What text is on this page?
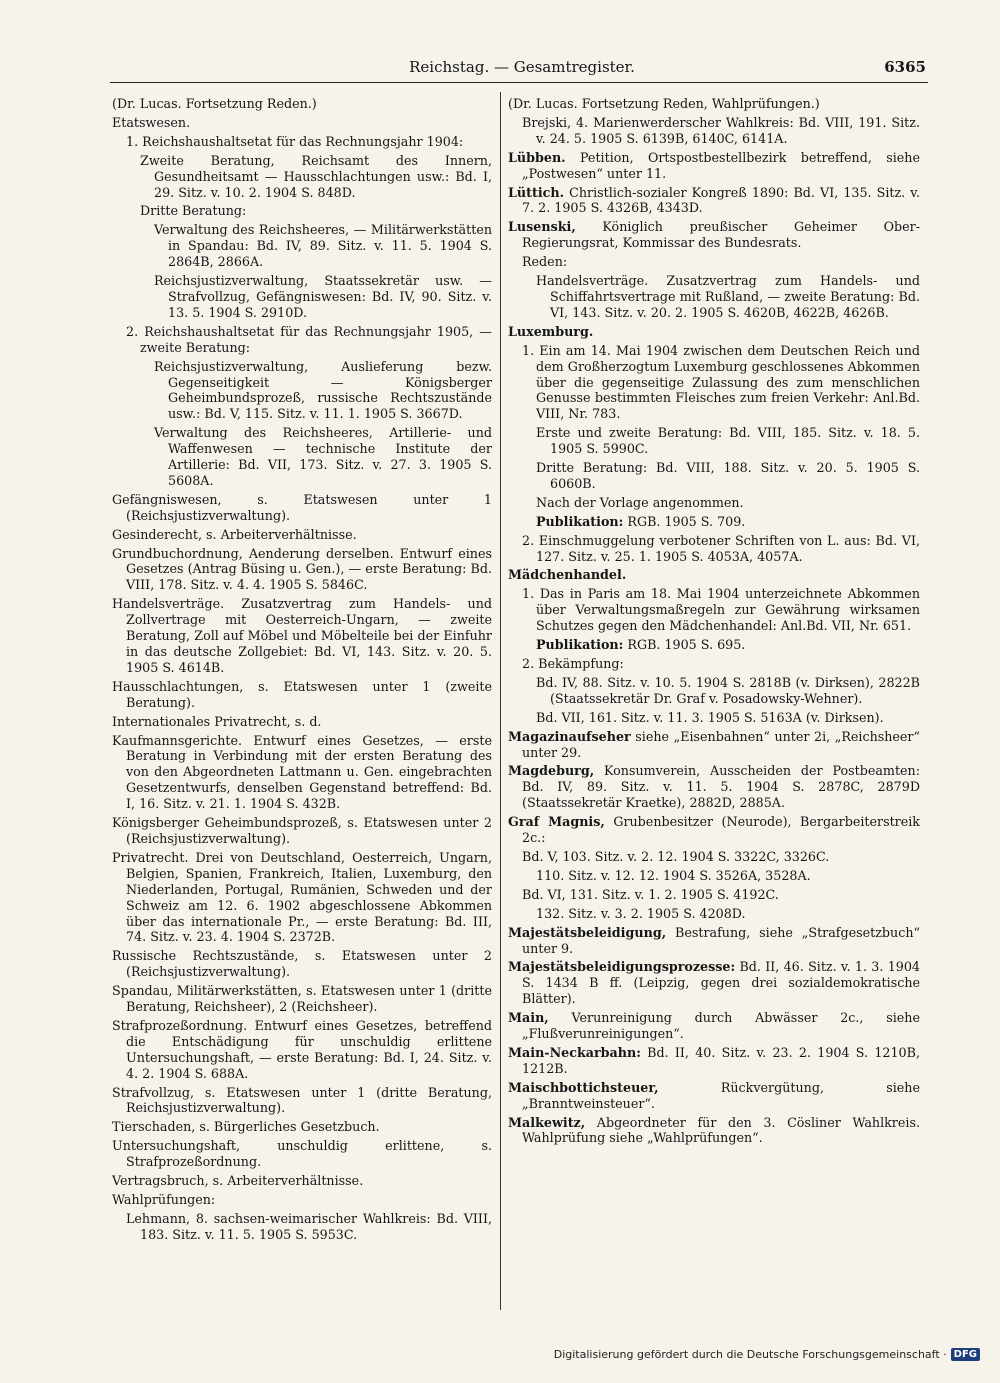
Reichstag. — Gesamtregister.	6365
(Dr. Lucas. Fortsetzung Reden.)
Etatswesen.
1. Reichshaushaltsetat für das Rechnungsjahr 1904:
Zweite Beratung, Reichsamt des Innern, Gesundheitsamt — Hausschlachtungen usw.: Bd. I, 29. Sitz. v. 10. 2. 1904 S. 848D.
Dritte Beratung:
Verwaltung des Reichsheeres, — Militärwerkstätten in Spandau: Bd. IV, 89. Sitz. v. 11. 5. 1904 S. 2864B, 2866A.
Reichsjustizverwaltung, Staatssekretär usw. — Strafvollzug, Gefängniswesen: Bd. IV, 90. Sitz. v. 13. 5. 1904 S. 2910D.
2. Reichshaushaltsetat für das Rechnungsjahr 1905, — zweite Beratung:
Reichsjustizverwaltung, Auslieferung bezw. Gegenseitigkeit — Königsberger Geheimbundsprozeß, russische Rechtszustände usw.: Bd. V, 115. Sitz. v. 11. 1. 1905 S. 3667D.
Verwaltung des Reichsheeres, Artillerie- und Waffenwesen — technische Institute der Artillerie: Bd. VII, 173. Sitz. v. 27. 3. 1905 S. 5608A.
Gefängniswesen, s. Etatswesen unter 1 (Reichsjustizverwaltung).
Gesinderecht, s. Arbeiterverhältnisse.
Grundbuchordnung, Aenderung derselben. Entwurf eines Gesetzes (Antrag Büsing u. Gen.), — erste Beratung: Bd. VIII, 178. Sitz. v. 4. 4. 1905 S. 5846C.
Handelsverträge. Zusatzvertrag zum Handels- und Zollvertrage mit Oesterreich-Ungarn, — zweite Beratung, Zoll auf Möbel und Möbelteile bei der Einfuhr in das deutsche Zollgebiet: Bd. VI, 143. Sitz. v. 20. 5. 1905 S. 4614B.
Hausschlachtungen, s. Etatswesen unter 1 (zweite Beratung).
Internationales Privatrecht, s. d.
Kaufmannsgerichte. Entwurf eines Gesetzes, — erste Beratung in Verbindung mit der ersten Beratung des von den Abgeordneten Lattmann u. Gen. eingebrachten Gesetzentwurfs, denselben Gegenstand betreffend: Bd. I, 16. Sitz. v. 21. 1. 1904 S. 432B.
Königsberger Geheimbundsprozeß, s. Etatswesen unter 2 (Reichsjustizverwaltung).
Privatrecht. Drei von Deutschland, Oesterreich, Ungarn, Belgien, Spanien, Frankreich, Italien, Luxemburg, den Niederlanden, Portugal, Rumänien, Schweden und der Schweiz am 12. 6. 1902 abgeschlossene Abkommen über das internationale Pr., — erste Beratung: Bd. III, 74. Sitz. v. 23. 4. 1904 S. 2372B.
Russische Rechtszustände, s. Etatswesen unter 2 (Reichsjustizverwaltung).
Spandau, Militärwerkstätten, s. Etatswesen unter 1 (dritte Beratung, Reichsheer), 2 (Reichsheer).
Strafprozeßordnung. Entwurf eines Gesetzes, betreffend die Entschädigung für unschuldig erlittene Untersuchungshaft, — erste Beratung: Bd. I, 24. Sitz. v. 4. 2. 1904 S. 688A.
Strafvollzug, s. Etatswesen unter 1 (dritte Beratung, Reichsjustizverwaltung).
Tierschaden, s. Bürgerliches Gesetzbuch.
Untersuchungshaft, unschuldig erlittene, s. Strafprozeßordnung.
Vertragsbruch, s. Arbeiterverhältnisse.
Wahlprüfungen:
Lehmann, 8. sachsen-weimarischer Wahlkreis: Bd. VIII, 183. Sitz. v. 11. 5. 1905 S. 5953C.
(Dr. Lucas. Fortsetzung Reden, Wahlprüfungen.)
Brejski, 4. Marienwerderscher Wahlkreis: Bd. VIII, 191. Sitz. v. 24. 5. 1905 S. 6139B, 6140C, 6141A.
Lübben. Petition, Ortspostbestellbezirk betreffend, siehe „Postwesen“ unter 11.
Lüttich. Christlich-sozialer Kongreß 1890: Bd. VI, 135. Sitz. v. 7. 2. 1905 S. 4326B, 4343D.
Lusenski, Königlich preußischer Geheimer Ober-Regierungsrat, Kommissar des Bundesrats.
Reden:
Handelsverträge. Zusatzvertrag zum Handels- und Schiffahrtsvertrage mit Rußland, — zweite Beratung: Bd. VI, 143. Sitz. v. 20. 2. 1905 S. 4620B, 4622B, 4626B.
Luxemburg.
1. Ein am 14. Mai 1904 zwischen dem Deutschen Reich und dem Großherzogtum Luxemburg geschlossenes Abkommen über die gegenseitige Zulassung des zum menschlichen Genusse bestimmten Fleisches zum freien Verkehr: Anl.Bd. VIII, Nr. 783.
Erste und zweite Beratung: Bd. VIII, 185. Sitz. v. 18. 5. 1905 S. 5990C.
Dritte Beratung: Bd. VIII, 188. Sitz. v. 20. 5. 1905 S. 6060B.
Nach der Vorlage angenommen.
Publikation: RGB. 1905 S. 709.
2. Einschmuggelung verbotener Schriften von L. aus: Bd. VI, 127. Sitz. v. 25. 1. 1905 S. 4053A, 4057A.
Mädchenhandel.
1. Das in Paris am 18. Mai 1904 unterzeichnete Abkommen über Verwaltungsmaßregeln zur Gewährung wirksamen Schutzes gegen den Mädchenhandel: Anl.Bd. VII, Nr. 651.
Publikation: RGB. 1905 S. 695.
2. Bekämpfung:
Bd. IV, 88. Sitz. v. 10. 5. 1904 S. 2818B (v. Dirksen), 2822B (Staatssekretär Dr. Graf v. Posadowsky-Wehner).
Bd. VII, 161. Sitz. v. 11. 3. 1905 S. 5163A (v. Dirksen).
Magazinaufseher siehe „Eisenbahnen“ unter 2i, „Reichsheer“ unter 29.
Magdeburg, Konsumverein, Ausscheiden der Postbeamten: Bd. IV, 89. Sitz. v. 11. 5. 1904 S. 2878C, 2879D (Staatssekretär Kraetke), 2882D, 2885A.
Graf Magnis, Grubenbesitzer (Neurode), Bergarbeiterstreik 2c.:
Bd. V, 103. Sitz. v. 2. 12. 1904 S. 3322C, 3326C.
110. Sitz. v. 12. 12. 1904 S. 3526A, 3528A.
Bd. VI, 131. Sitz. v. 1. 2. 1905 S. 4192C.
132. Sitz. v. 3. 2. 1905 S. 4208D.
Majestätsbeleidigung, Bestrafung, siehe „Strafgesetzbuch“ unter 9.
Majestätsbeleidigungsprozesse: Bd. II, 46. Sitz. v. 1. 3. 1904 S. 1434 B ff. (Leipzig, gegen drei sozialdemokratische Blätter).
Main, Verunreinigung durch Abwässer 2c., siehe „Flußverunreinigungen“.
Main-Neckarbahn: Bd. II, 40. Sitz. v. 23. 2. 1904 S. 1210B, 1212B.
Maischbottichsteuer,	Rückvergütung, siehe „Branntweinsteuer“.
Malkewitz, Abgeordneter für den 3. Cösliner Wahlkreis. Wahlprüfung siehe „Wahlprüfungen“.
Digitalisierung gefördert durch die Deutsche Forschungsgemeinschaft · DFG
